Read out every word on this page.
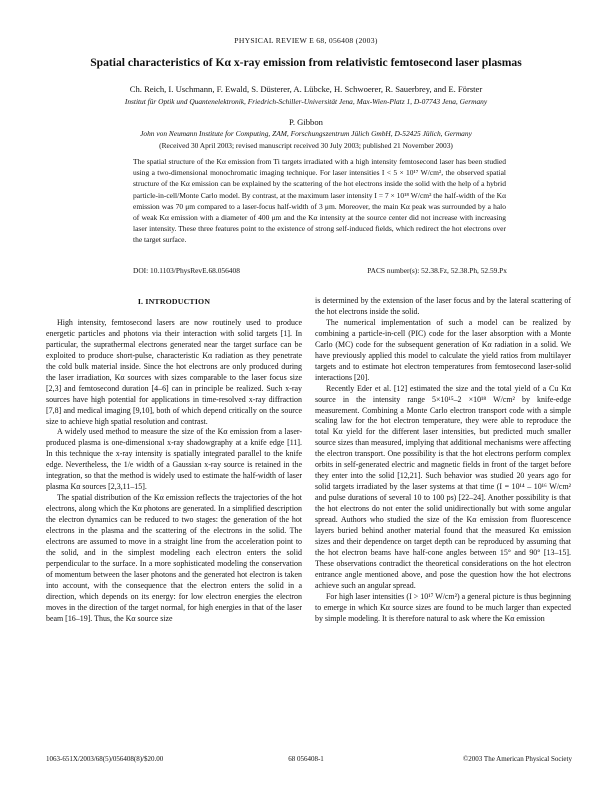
PHYSICAL REVIEW E 68, 056408 (2003)
Spatial characteristics of Kα x-ray emission from relativistic femtosecond laser plasmas
Ch. Reich, I. Uschmann, F. Ewald, S. Düsterer, A. Lübcke, H. Schwoerer, R. Sauerbrey, and E. Förster
Institut für Optik und Quantenelektronik, Friedrich-Schiller-Universität Jena, Max-Wien-Platz 1, D-07743 Jena, Germany
P. Gibbon
John von Neumann Institute for Computing, ZAM, Forschungszentrum Jülich GmbH, D-52425 Jülich, Germany
(Received 30 April 2003; revised manuscript received 30 July 2003; published 21 November 2003)
The spatial structure of the Kα emission from Ti targets irradiated with a high intensity femtosecond laser has been studied using a two-dimensional monochromatic imaging technique. For laser intensities I < 5 × 10¹⁷ W/cm², the observed spatial structure of the Kα emission can be explained by the scattering of the hot electrons inside the solid with the help of a hybrid particle-in-cell/Monte Carlo model. By contrast, at the maximum laser intensity I = 7 × 10¹⁸ W/cm² the half-width of the Kα emission was 70 μm compared to a laser-focus half-width of 3 μm. Moreover, the main Kα peak was surrounded by a halo of weak Kα emission with a diameter of 400 μm and the Kα intensity at the source center did not increase with increasing laser intensity. These three features point to the existence of strong self-induced fields, which redirect the hot electrons over the target surface.
DOI: 10.1103/PhysRevE.68.056408	PACS number(s): 52.38.Fz, 52.38.Ph, 52.59.Px
I. INTRODUCTION

High intensity, femtosecond lasers are now routinely used to produce energetic particles and photons via their interaction with solid targets [1]. In particular, the suprathermal electrons generated near the target surface can be exploited to produce short-pulse, characteristic Kα radiation as they penetrate the cold bulk material inside. Since the hot electrons are only produced during the laser irradiation, Kα sources with sizes comparable to the laser focus size [2,3] and femtosecond duration [4–6] can in principle be realized. Such x-ray sources have high potential for applications in time-resolved x-ray diffraction [7,8] and medical imaging [9,10], both of which depend critically on the source size to achieve high spatial resolution and contrast.

A widely used method to measure the size of the Kα emission from a laser-produced plasma is one-dimensional x-ray shadowgraphy at a knife edge [11]. In this technique the x-ray intensity is spatially integrated parallel to the knife edge. Nevertheless, the 1/e width of a Gaussian x-ray source is retained in the integration, so that the method is widely used to estimate the half-width of laser plasma Kα sources [2,3,11–15].

The spatial distribution of the Kα emission reflects the trajectories of the hot electrons, along which the Kα photons are generated. In a simplified description the electron dynamics can be reduced to two stages: the generation of the hot electrons in the plasma and the scattering of the electrons in the solid. The electrons are assumed to move in a straight line from the acceleration point to the solid, and in the simplest modeling each electron enters the solid perpendicular to the surface. In a more sophisticated modeling the conservation of momentum between the laser photons and the generated hot electron is taken into account, with the consequence that the electron enters the solid in a direction, which depends on its energy: for low electron energies the electron moves in the direction of the target normal, for high energies in that of the laser beam [16–19]. Thus, the Kα source size

is determined by the extension of the laser focus and by the lateral scattering of the hot electrons inside the solid.

The numerical implementation of such a model can be realized by combining a particle-in-cell (PIC) code for the laser absorption with a Monte Carlo (MC) code for the subsequent generation of Kα radiation in a solid. We have previously applied this model to calculate the yield ratios from multilayer targets and to estimate hot electron temperatures from femtosecond laser-solid interactions [20].

Recently Eder et al. [12] estimated the size and the total yield of a Cu Kα source in the intensity range 5×10¹⁵–2 ×10¹⁸ W/cm² by knife-edge measurement. Combining a Monte Carlo electron transport code with a simple scaling law for the hot electron temperature, they were able to reproduce the total Kα yield for the different laser intensities, but predicted much smaller source sizes than measured, implying that additional mechanisms were affecting the electron transport. One possibility is that the hot electrons perform complex orbits in self-generated electric and magnetic fields in front of the target before they enter into the solid [12,21]. Such behavior was studied 20 years ago for solid targets irradiated by the laser systems at that time (I = 10¹⁴ – 10¹⁶ W/cm² and pulse durations of several 10 to 100 ps) [22–24]. Another possibility is that the hot electrons do not enter the solid unidirectionally but with some angular spread. Authors who studied the size of the Kα emission from fluorescence layers buried behind another material found that the measured Kα emission sizes and their dependence on target depth can be reproduced by assuming that the hot electron beams have half-cone angles between 15° and 90° [13–15]. These observations contradict the theoretical considerations on the hot electron entrance angle mentioned above, and pose the question how the hot electrons achieve such an angular spread.

For high laser intensities (I > 10¹⁷ W/cm²) a general picture is thus beginning to emerge in which Kα source sizes are found to be much larger than expected by simple modeling. It is therefore natural to ask where the Kα emission

1063-651X/2003/68(5)/056408(8)/$20.00	68 056408-1	©2003 The American Physical Society
